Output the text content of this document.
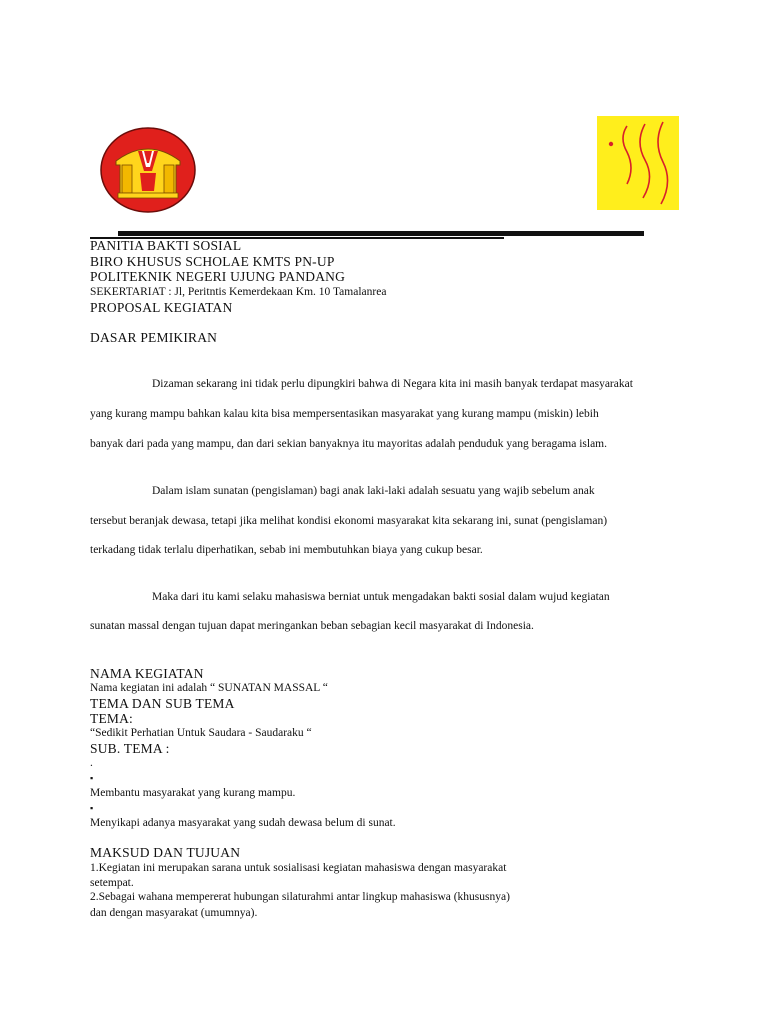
PANITIA BAKTI SOSIAL
BIRO KHUSUS SCHOLAE KMTS PN-UP
POLITEKNIK NEGERI UJUNG PANDANG
SEKERTARIAT : Jl, Peritntis Kemerdekaan Km. 10 Tamalanrea
PROPOSAL KEGIATAN
DASAR PEMIKIRAN
Dizaman sekarang ini tidak perlu dipungkiri bahwa di Negara kita ini masih banyak terdapat masyarakat
yang kurang mampu bahkan kalau kita bisa mempersentasikan masyarakat yang kurang mampu (miskin) lebih
banyak dari pada yang mampu, dan dari sekian banyaknya itu mayoritas adalah penduduk yang beragama islam.
Dalam islam sunatan (pengislaman) bagi anak laki-laki adalah sesuatu yang wajib sebelum anak
tersebut beranjak dewasa, tetapi jika melihat kondisi ekonomi masyarakat kita sekarang ini, sunat (pengislaman)
terkadang tidak terlalu diperhatikan, sebab ini membutuhkan biaya yang cukup besar.
Maka dari itu kami selaku mahasiswa berniat untuk mengadakan bakti sosial dalam wujud kegiatan
sunatan massal dengan tujuan dapat meringankan beban sebagian kecil masyarakat di Indonesia.
NAMA KEGIATAN
Nama kegiatan ini adalah “ SUNATAN MASSAL “
TEMA DAN SUB TEMA
TEMA:
“Sedikit Perhatian Untuk Saudara - Saudaraku “
SUB. TEMA :
.
▪
Membantu masyarakat yang kurang mampu.
▪
Menyikapi adanya masyarakat yang sudah dewasa belum di sunat.
MAKSUD DAN TUJUAN
1.Kegiatan ini merupakan sarana untuk sosialisasi kegiatan mahasiswa dengan masyarakat
setempat.
2.Sebagai wahana mempererat hubungan silaturahmi antar lingkup mahasiswa (khususnya)
dan dengan masyarakat (umumnya).
